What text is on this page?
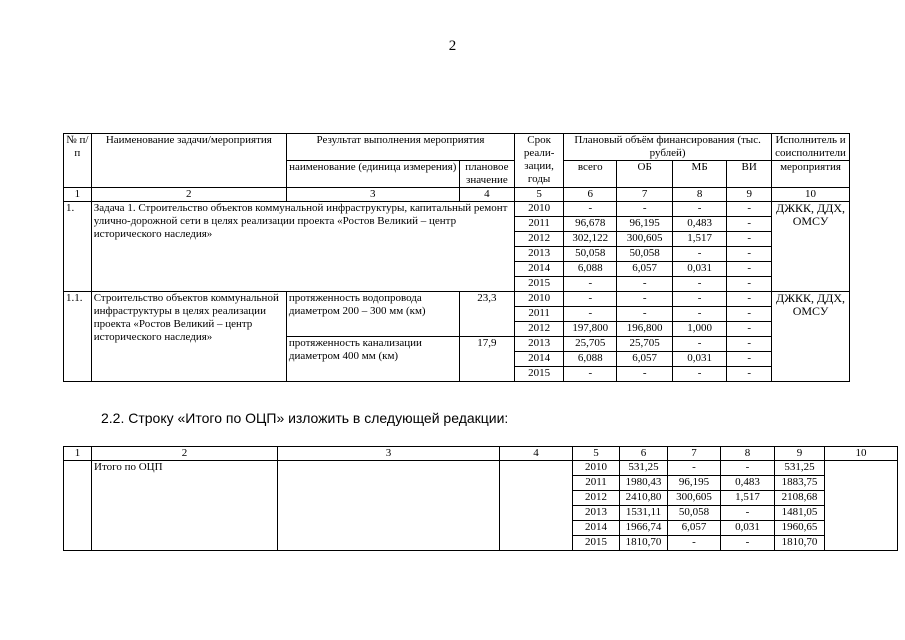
2
№ п/п	Наименование задачи/мероприятия	Результат выполнения мероприятия		Срок реали-зации, годы	Плановый объём финансирования (тыс. рублей)				Исполнитель и соисполнители
		наименование (единица измерения)	плановое значение		всего	ОБ	МБ	ВИ	мероприятия
1	2	3	4	5	6	7	8	9	10
1.	Задача 1. Строительство объектов коммунальной инфраструктуры, капитальный ремонт улично-дорожной сети в целях реализации проекта «Ростов Великий – центр исторического наследия»			2010	-	-	-	-	ДЖКК, ДДХ, ОМСУ
				2011	96,678	96,195	0,483	-	
				2012	302,122	300,605	1,517	-	
				2013	50,058	50,058	-	-	
				2014	6,088	6,057	0,031	-	
				2015	-	-	-	-	
1.1.	Строительство объектов коммунальной инфраструктуры в целях реализации проекта «Ростов Великий – центр исторического наследия»	протяженность водопровода диаметром 200 – 300 мм (км)	23,3	2010	-	-	-	-	ДЖКК, ДДХ, ОМСУ
				2011	-	-	-	-	
				2012	197,800	196,800	1,000	-	
		протяженность канализации диаметром 400 мм (км)	17,9	2013	25,705	25,705	-	-	
				2014	6,088	6,057	0,031	-	
				2015	-	-	-	-	
2.2. Строку «Итого по ОЦП» изложить в следующей редакции:
1	2	3	4	5	6	7	8	9	10
	Итого по ОЦП			2010	531,25	-	-	531,25	
				2011	1980,43	96,195	0,483	1883,75	
				2012	2410,80	300,605	1,517	2108,68	
				2013	1531,11	50,058	-	1481,05	
				2014	1966,74	6,057	0,031	1960,65	
				2015	1810,70	-	-	1810,70	
